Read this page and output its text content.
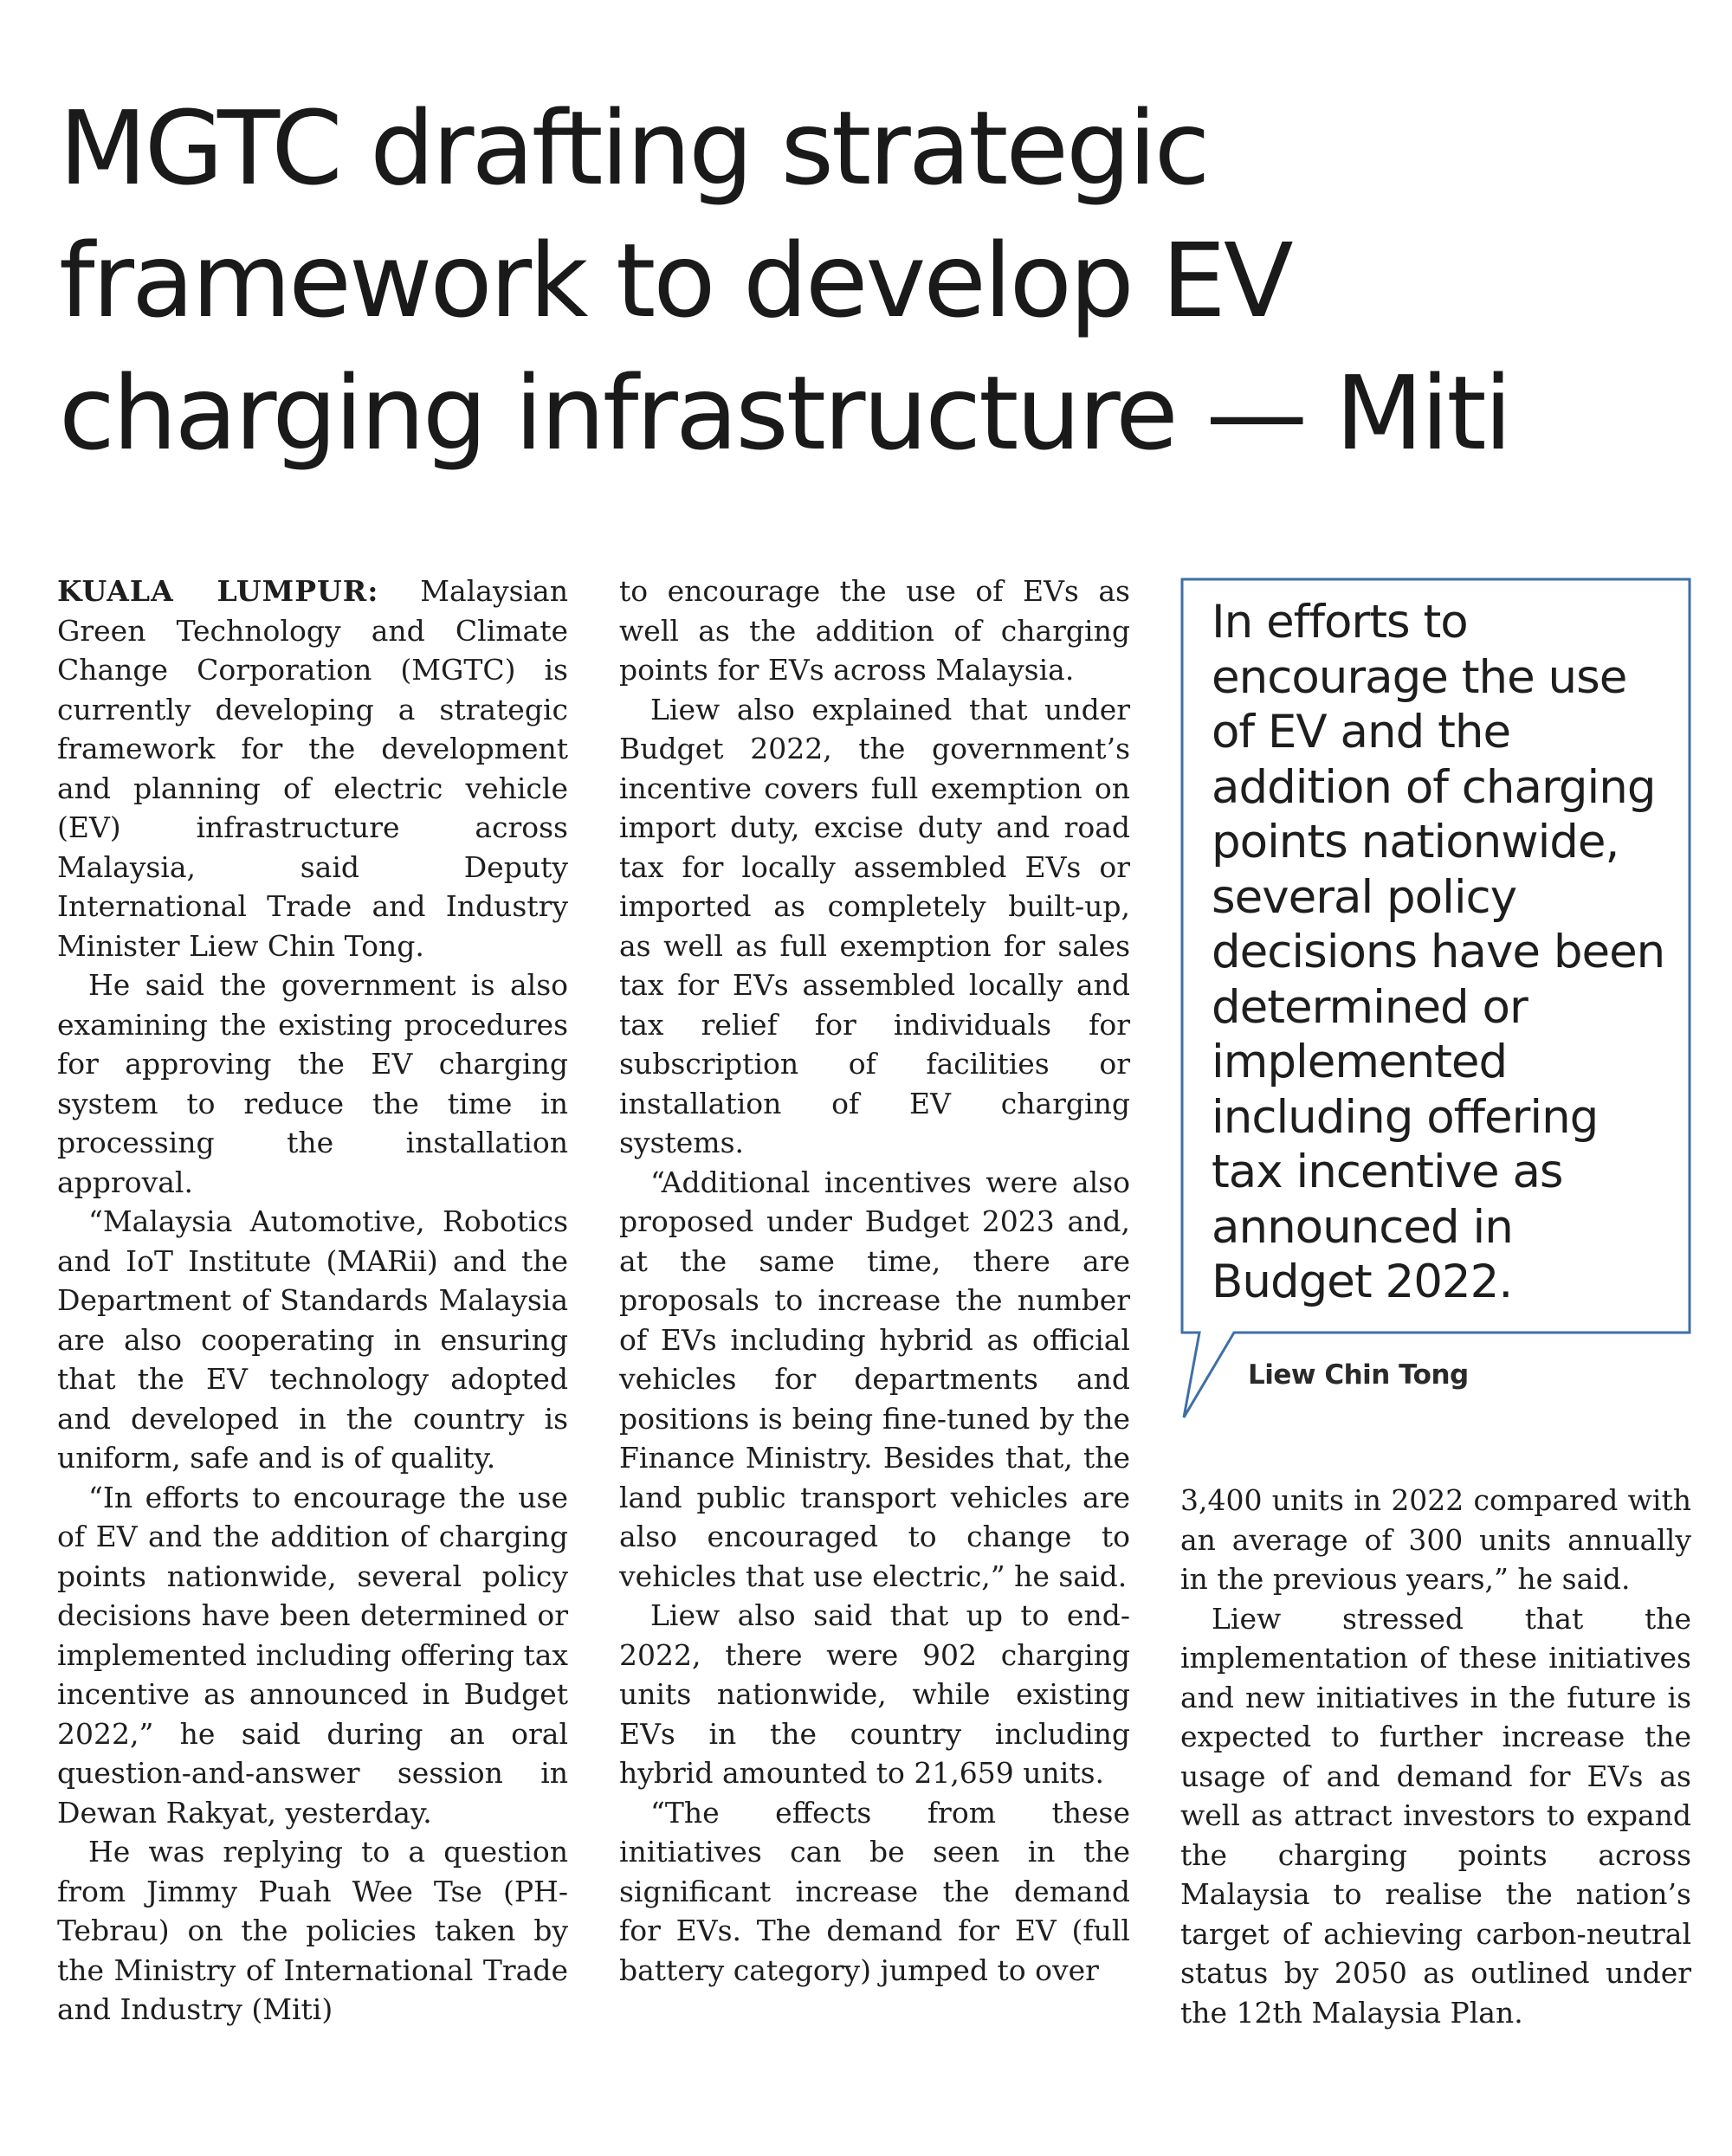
MGTC drafting strategic framework to develop EV charging infrastructure — Miti

KUALA LUMPUR: Malaysian Green Technology and Climate Change Corporation (MGTC) is currently developing a strategic framework for the development and planning of electric vehicle (EV) infrastructure across Malaysia, said Deputy International Trade and Industry Minister Liew Chin Tong.

He said the government is also examining the existing procedures for approving the EV charging system to reduce the time in processing the installation approval.

“Malaysia Automotive, Robotics and IoT Institute (MARii) and the Department of Standards Malaysia are also cooperating in ensuring that the EV technology adopted and developed in the country is uniform, safe and is of quality.

“In efforts to encourage the use of EV and the addition of charging points nationwide, several policy decisions have been determined or implemented including offering tax incentive as announced in Budget 2022,” he said during an oral question-and-answer session in Dewan Rakyat, yesterday.

He was replying to a question from Jimmy Puah Wee Tse (PH-Tebrau) on the policies taken by the Ministry of International Trade and Industry (Miti)

to encourage the use of EVs as well as the addition of charging points for EVs across Malaysia.

Liew also explained that under Budget 2022, the government’s incentive covers full exemption on import duty, excise duty and road tax for locally assembled EVs or imported as completely built-up, as well as full exemption for sales tax for EVs assembled locally and tax relief for individuals for subscription of facilities or installation of EV charging systems.

“Additional incentives were also proposed under Budget 2023 and, at the same time, there are proposals to increase the number of EVs including hybrid as official vehicles for departments and positions is being fine-tuned by the Finance Ministry. Besides that, the land public transport vehicles are also encouraged to change to vehicles that use electric,” he said.

Liew also said that up to end-2022, there were 902 charging units nationwide, while existing EVs in the country including hybrid amounted to 21,659 units.

“The effects from these initiatives can be seen in the significant increase the demand for EVs. The demand for EV (full battery category) jumped to over

In efforts to encourage the use of EV and the addition of charging points nationwide, several policy decisions have been determined or implemented including offering tax incentive as announced in Budget 2022.

Liew Chin Tong

3,400 units in 2022 compared with an average of 300 units annually in the previous years,” he said.

Liew stressed that the implementation of these initiatives and new initiatives in the future is expected to further increase the usage of and demand for EVs as well as attract investors to expand the charging points across Malaysia to realise the nation’s target of achieving carbon-neutral status by 2050 as outlined under the 12th Malaysia Plan.
